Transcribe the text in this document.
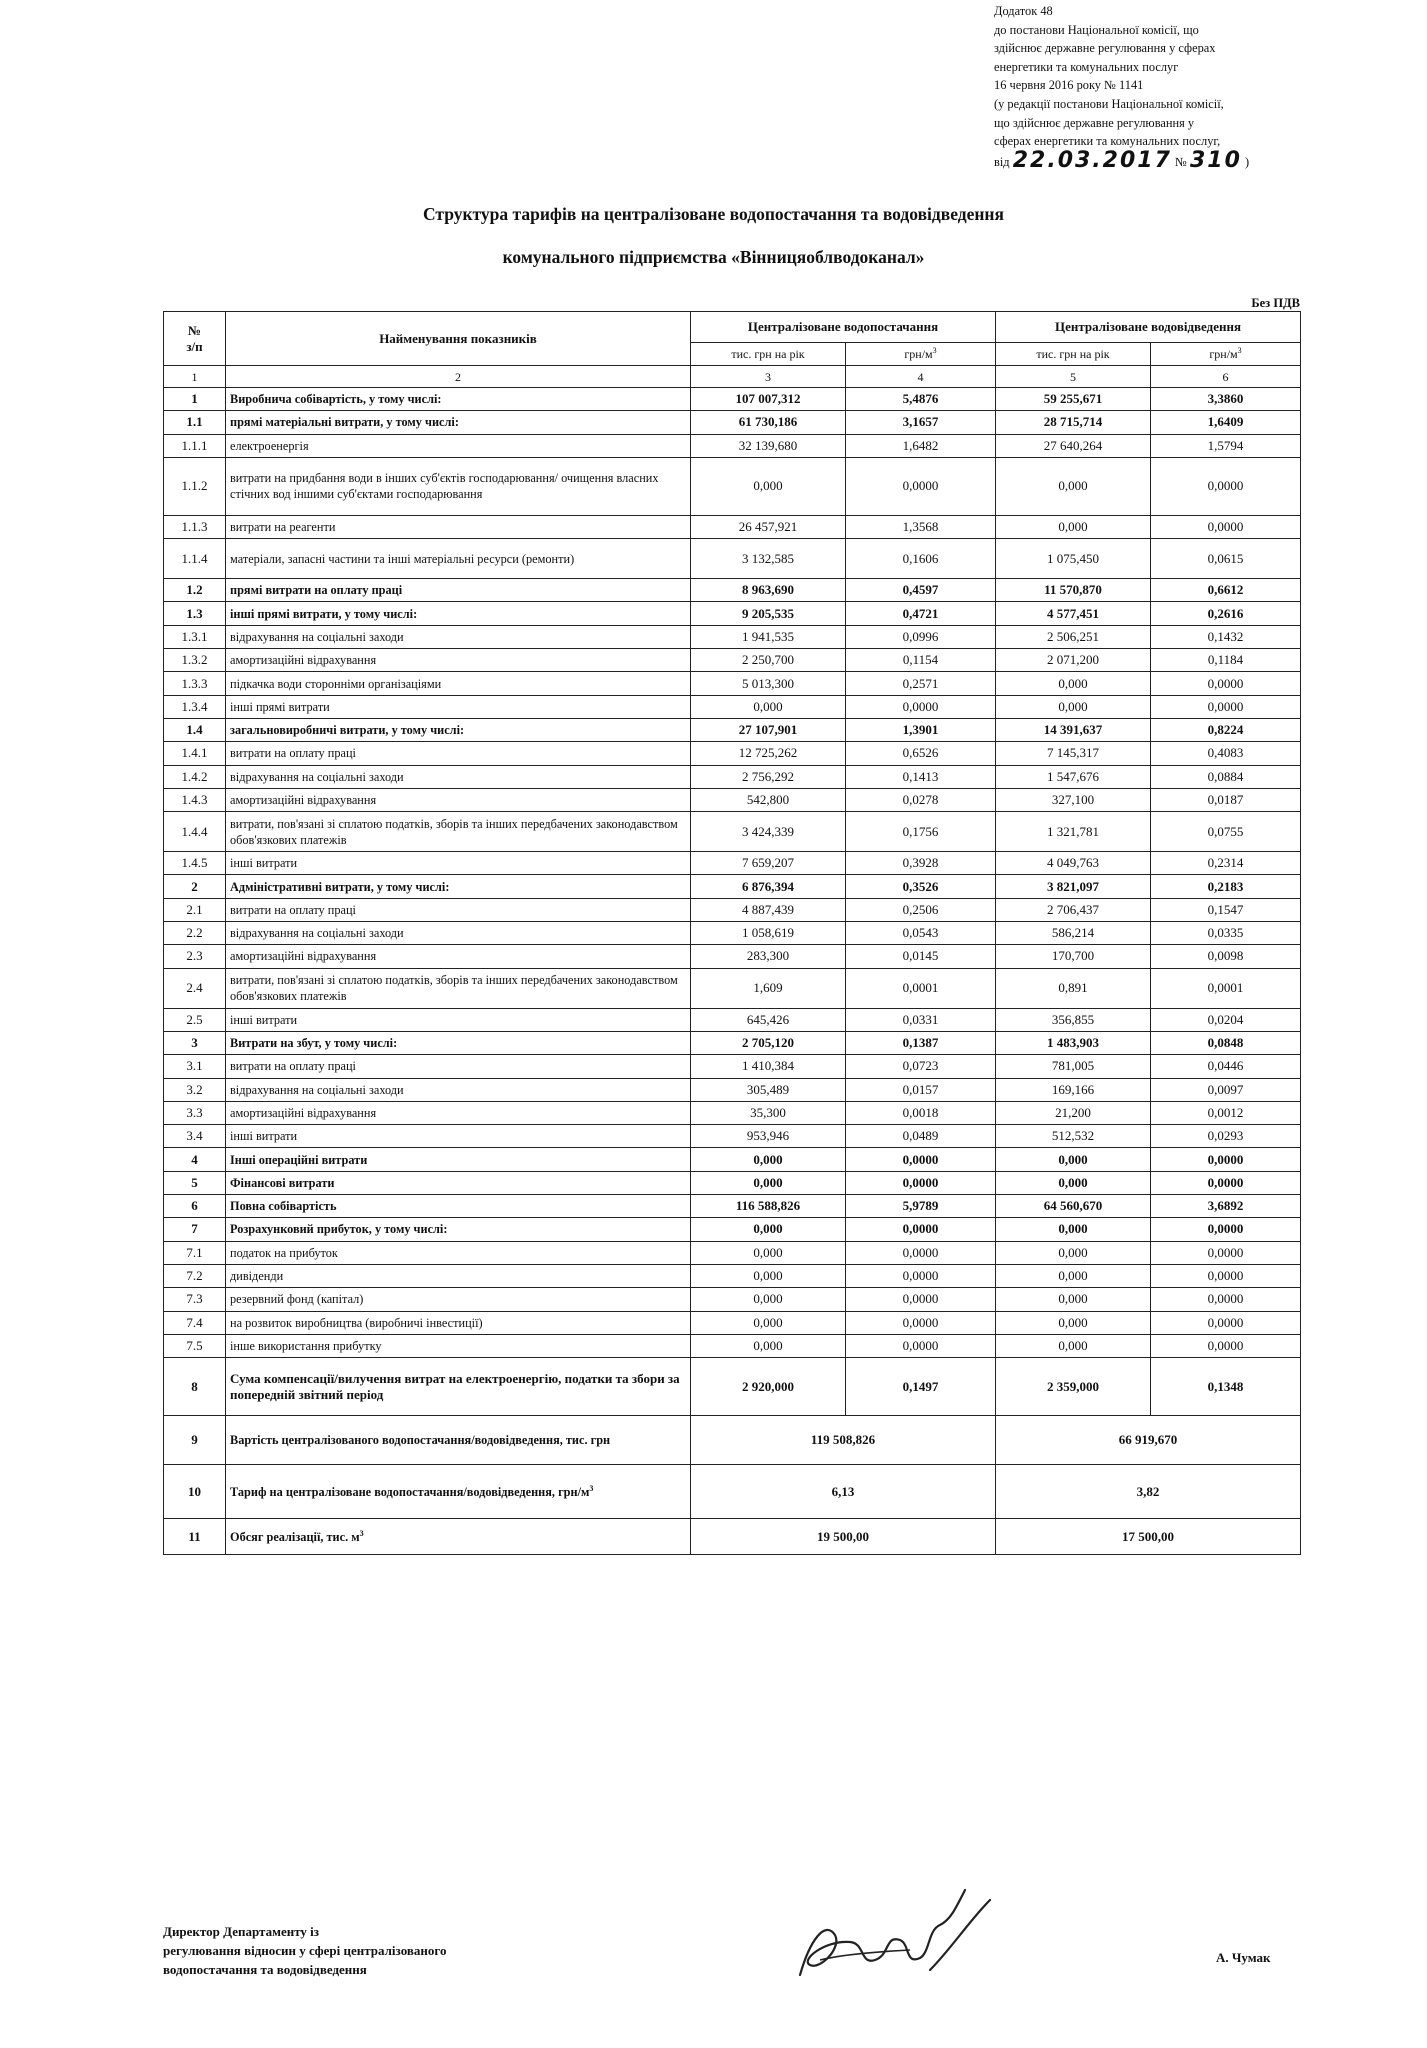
Додаток 48
до постанови Національної комісії, що
здійснює державне регулювання у сферах
енергетики та комунальних послуг
16 червня 2016 року № 1141
(у редакції постанови Національної комісії,
що здійснює державне регулювання у
сферах енергетики та комунальних послуг,
від 22.03.2017 № 310 )
Структура тарифів на централізоване водопостачання та водовідведення
комунального підприємства «Вінницяоблводоканал»
Без ПДВ
№
з/п	Найменування показників	Централізоване водопостачання		Централізоване водовідведення	
		тис. грн на рік	грн/$м^3$	тис. грн на рік	грн/$м^3$
1	2	3	4	5	6
1	Виробнича собівартість, у тому числі:	107 007,312	5,4876	59 255,671	3,3860
1.1	прямі матеріальні витрати, у тому числі:	61 730,186	3,1657	28 715,714	1,6409
1.1.1	електроенергія	32 139,680	1,6482	27 640,264	1,5794
1.1.2	витрати на придбання води в інших суб'єктів господарювання/ очищення власних стічних вод іншими суб'єктами господарювання	0,000	0,0000	0,000	0,0000
1.1.3	витрати на реагенти	26 457,921	1,3568	0,000	0,0000
1.1.4	матеріали, запасні частини та інші матеріальні ресурси (ремонти)	3 132,585	0,1606	1 075,450	0,0615
1.2	прямі витрати на оплату праці	8 963,690	0,4597	11 570,870	0,6612
1.3	інші прямі витрати, у тому числі:	9 205,535	0,4721	4 577,451	0,2616
1.3.1	відрахування на соціальні заходи	1 941,535	0,0996	2 506,251	0,1432
1.3.2	амортизаційні відрахування	2 250,700	0,1154	2 071,200	0,1184
1.3.3	підкачка води сторонніми організаціями	5 013,300	0,2571	0,000	0,0000
1.3.4	інші прямі витрати	0,000	0,0000	0,000	0,0000
1.4	загальновиробничі витрати, у тому числі:	27 107,901	1,3901	14 391,637	0,8224
1.4.1	витрати на оплату праці	12 725,262	0,6526	7 145,317	0,4083
1.4.2	відрахування на соціальні заходи	2 756,292	0,1413	1 547,676	0,0884
1.4.3	амортизаційні відрахування	542,800	0,0278	327,100	0,0187
1.4.4	витрати, пов'язані зі сплатою податків, зборів та інших передбачених законодавством обов'язкових платежів	3 424,339	0,1756	1 321,781	0,0755
1.4.5	інші витрати	7 659,207	0,3928	4 049,763	0,2314
2	Адміністративні витрати, у тому числі:	6 876,394	0,3526	3 821,097	0,2183
2.1	витрати на оплату праці	4 887,439	0,2506	2 706,437	0,1547
2.2	відрахування на соціальні заходи	1 058,619	0,0543	586,214	0,0335
2.3	амортизаційні відрахування	283,300	0,0145	170,700	0,0098
2.4	витрати, пов'язані зі сплатою податків, зборів та інших передбачених законодавством обов'язкових платежів	1,609	0,0001	0,891	0,0001
2.5	інші витрати	645,426	0,0331	356,855	0,0204
3	Витрати на збут, у тому числі:	2 705,120	0,1387	1 483,903	0,0848
3.1	витрати на оплату праці	1 410,384	0,0723	781,005	0,0446
3.2	відрахування на соціальні заходи	305,489	0,0157	169,166	0,0097
3.3	амортизаційні відрахування	35,300	0,0018	21,200	0,0012
3.4	інші витрати	953,946	0,0489	512,532	0,0293
4	Інші операційні витрати	0,000	0,0000	0,000	0,0000
5	Фінансові витрати	0,000	0,0000	0,000	0,0000
6	Повна собівартість	116 588,826	5,9789	64 560,670	3,6892
7	Розрахунковий прибуток, у тому числі:	0,000	0,0000	0,000	0,0000
7.1	податок на прибуток	0,000	0,0000	0,000	0,0000
7.2	дивіденди	0,000	0,0000	0,000	0,0000
7.3	резервний фонд (капітал)	0,000	0,0000	0,000	0,0000
7.4	на розвиток виробництва (виробничі інвестиції)	0,000	0,0000	0,000	0,0000
7.5	інше використання прибутку	0,000	0,0000	0,000	0,0000
8	Сума компенсації/вилучення витрат на електроенергію, податки та збори за попередній звітний період	2 920,000	0,1497	2 359,000	0,1348
9	Вартість централізованого водопостачання/водовідведення, тис. грн	119 508,826		66 919,670	
10	Тариф на централізоване водопостачання/водовідведення, грн/$м^3$	6,13		3,82	
11	Обсяг реалізації, тис. $м^3$	19 500,00		17 500,00	
Директор Департаменту із
регулювання відносин у сфері централізованого
водопостачання та водовідведення
А. Чумак
